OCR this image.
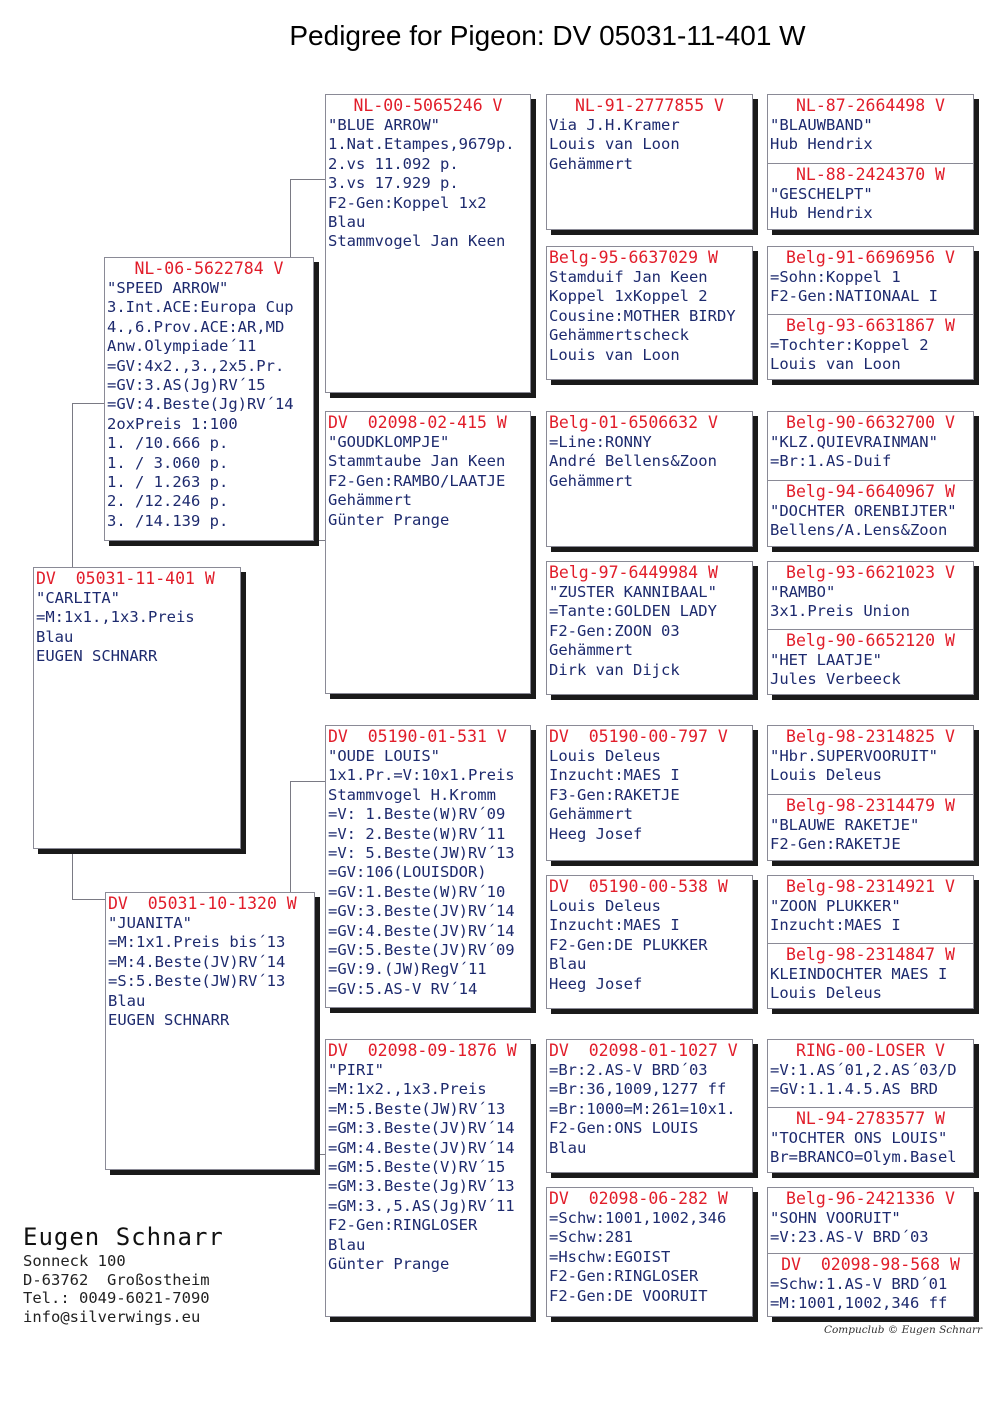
Pedigree for Pigeon: DV 05031-11-401 W
DV  05031-11-401 W
"CARLITA"
=M:1x1.,1x3.Preis
Blau
EUGEN SCHNARR
NL-06-5622784 V
"SPEED ARROW"
3.Int.ACE:Europa Cup
4.,6.Prov.ACE:AR,MD
Anw.Olympiade´11
=GV:4x2.,3.,2x5.Pr.
=GV:3.AS(Jg)RV´15
=GV:4.Beste(Jg)RV´14
2oxPreis 1:100
1. /10.666 p.
1. / 3.060 p.
1. / 1.263 p.
2. /12.246 p.
3. /14.139 p.
DV  05031-10-1320 W
"JUANITA"
=M:1x1.Preis bis´13
=M:4.Beste(JV)RV´14
=S:5.Beste(JW)RV´13
Blau
EUGEN SCHNARR
NL-00-5065246 V
"BLUE ARROW"
1.Nat.Etampes,9679p.
2.vs 11.092 p.
3.vs 17.929 p.
F2-Gen:Koppel 1x2
Blau
Stammvogel Jan Keen
DV  02098-02-415 W
"GOUDKLOMPJE"
Stammtaube Jan Keen
F2-Gen:RAMBO/LAATJE
Gehämmert
Günter Prange
DV  05190-01-531 V
"OUDE LOUIS"
1x1.Pr.=V:10x1.Preis
Stammvogel H.Kromm
=V: 1.Beste(W)RV´09
=V: 2.Beste(W)RV´11
=V: 5.Beste(JW)RV´13
=GV:106(LOUISDOR)
=GV:1.Beste(W)RV´10
=GV:3.Beste(JV)RV´14
=GV:4.Beste(JV)RV´14
=GV:5.Beste(JV)RV´09
=GV:9.(JW)RegV´11
=GV:5.AS-V RV´14
DV  02098-09-1876 W
"PIRI"
=M:1x2.,1x3.Preis
=M:5.Beste(JW)RV´13
=GM:3.Beste(JV)RV´14
=GM:4.Beste(JV)RV´14
=GM:5.Beste(V)RV´15
=GM:3.Beste(Jg)RV´13
=GM:3.,5.AS(Jg)RV´11
F2-Gen:RINGLOSER
Blau
Günter Prange
NL-91-2777855 V
Via J.H.Kramer
Louis van Loon
Gehämmert
Belg-95-6637029 W
Stamduif Jan Keen
Koppel 1xKoppel 2
Cousine:MOTHER BIRDY
Gehämmertscheck
Louis van Loon
Belg-01-6506632 V
=Line:RONNY
André Bellens&Zoon
Gehämmert
Belg-97-6449984 W
"ZUSTER KANNIBAAL"
=Tante:GOLDEN LADY
F2-Gen:ZOON 03
Gehämmert
Dirk van Dijck
DV  05190-00-797 V
Louis Deleus
Inzucht:MAES I
F3-Gen:RAKETJE
Gehämmert
Heeg Josef
DV  05190-00-538 W
Louis Deleus
Inzucht:MAES I
F2-Gen:DE PLUKKER
Blau
Heeg Josef
DV  02098-01-1027 V
=Br:2.AS-V BRD´03
=Br:36,1009,1277 ff
=Br:1000=M:261=10x1.
F2-Gen:ONS LOUIS
Blau
DV  02098-06-282 W
=Schw:1001,1002,346
=Schw:281
=Hschw:EGOIST
F2-Gen:RINGLOSER
F2-Gen:DE VOORUIT
NL-87-2664498 V
"BLAUWBAND"
Hub Hendrix
NL-88-2424370 W
"GESCHELPT"
Hub Hendrix
Belg-91-6696956 V
=Sohn:Koppel 1
F2-Gen:NATIONAAL I
Belg-93-6631867 W
=Tochter:Koppel 2
Louis van Loon
Belg-90-6632700 V
"KLZ.QUIEVRAINMAN"
=Br:1.AS-Duif
Belg-94-6640967 W
"DOCHTER ORENBIJTER"
Bellens/A.Lens&Zoon
Belg-93-6621023 V
"RAMBO"
3x1.Preis Union
Belg-90-6652120 W
"HET LAATJE"
Jules Verbeeck
Belg-98-2314825 V
"Hbr.SUPERVOORUIT"
Louis Deleus
Belg-98-2314479 W
"BLAUWE RAKETJE"
F2-Gen:RAKETJE
Belg-98-2314921 V
"ZOON PLUKKER"
Inzucht:MAES I
Belg-98-2314847 W
KLEINDOCHTER MAES I
Louis Deleus
RING-00-LOSER V
=V:1.AS´01,2.AS´03/D
=GV:1.1.4.5.AS BRD
NL-94-2783577 W
"TOCHTER ONS LOUIS"
Br=BRANCO=Olym.Basel
Belg-96-2421336 V
"SOHN VOORUIT"
=V:23.AS-V BRD´03
DV  02098-98-568 W
=Schw:1.AS-V BRD´01
=M:1001,1002,346 ff
Eugen Schnarr
Sonneck 100
D-63762  Großostheim
Tel.: 0049-6021-7090
info@silverwings.eu
Compuclub © Eugen Schnarr
